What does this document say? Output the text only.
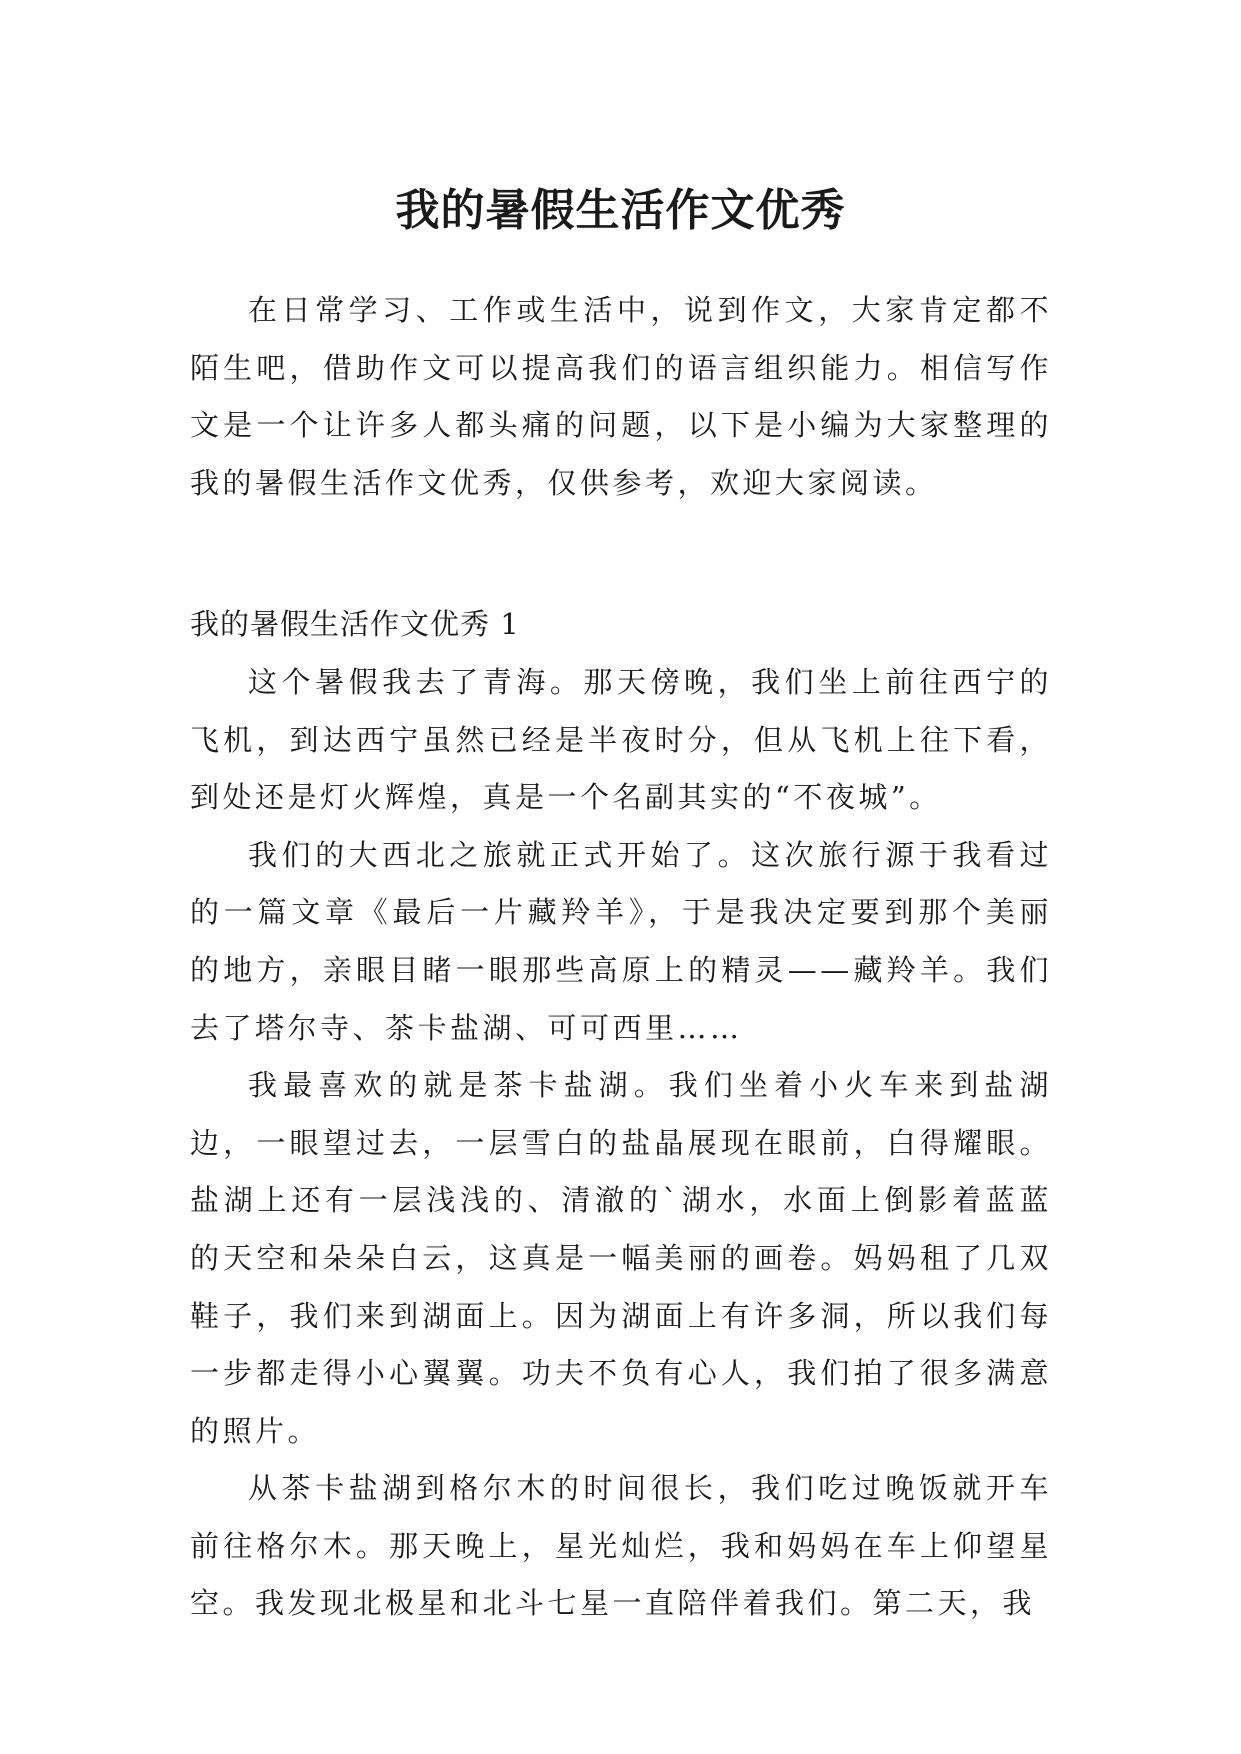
我的暑假生活作文优秀

在日常学习、工作或生活中，说到作文，大家肯定都不陌生吧，借助作文可以提高我们的语言组织能力。相信写作文是一个让许多人都头痛的问题，以下是小编为大家整理的我的暑假生活作文优秀，仅供参考，欢迎大家阅读。

我的暑假生活作文优秀 1

这个暑假我去了青海。那天傍晚，我们坐上前往西宁的飞机，到达西宁虽然已经是半夜时分，但从飞机上往下看，到处还是灯火辉煌，真是一个名副其实的“不夜城”。

我们的大西北之旅就正式开始了。这次旅行源于我看过的一篇文章《最后一片藏羚羊》，于是我决定要到那个美丽的地方，亲眼目睹一眼那些高原上的精灵——藏羚羊。我们去了塔尔寺、茶卡盐湖、可可西里……

我最喜欢的就是茶卡盐湖。我们坐着小火车来到盐湖边，一眼望过去，一层雪白的盐晶展现在眼前，白得耀眼。盐湖上还有一层浅浅的、清澈的`湖水，水面上倒影着蓝蓝的天空和朵朵白云，这真是一幅美丽的画卷。妈妈租了几双鞋子，我们来到湖面上。因为湖面上有许多洞，所以我们每一步都走得小心翼翼。功夫不负有心人，我们拍了很多满意的照片。

从茶卡盐湖到格尔木的时间很长，我们吃过晚饭就开车前往格尔木。那天晚上，星光灿烂，我和妈妈在车上仰望星空。我发现北极星和北斗七星一直陪伴着我们。第二天，我
